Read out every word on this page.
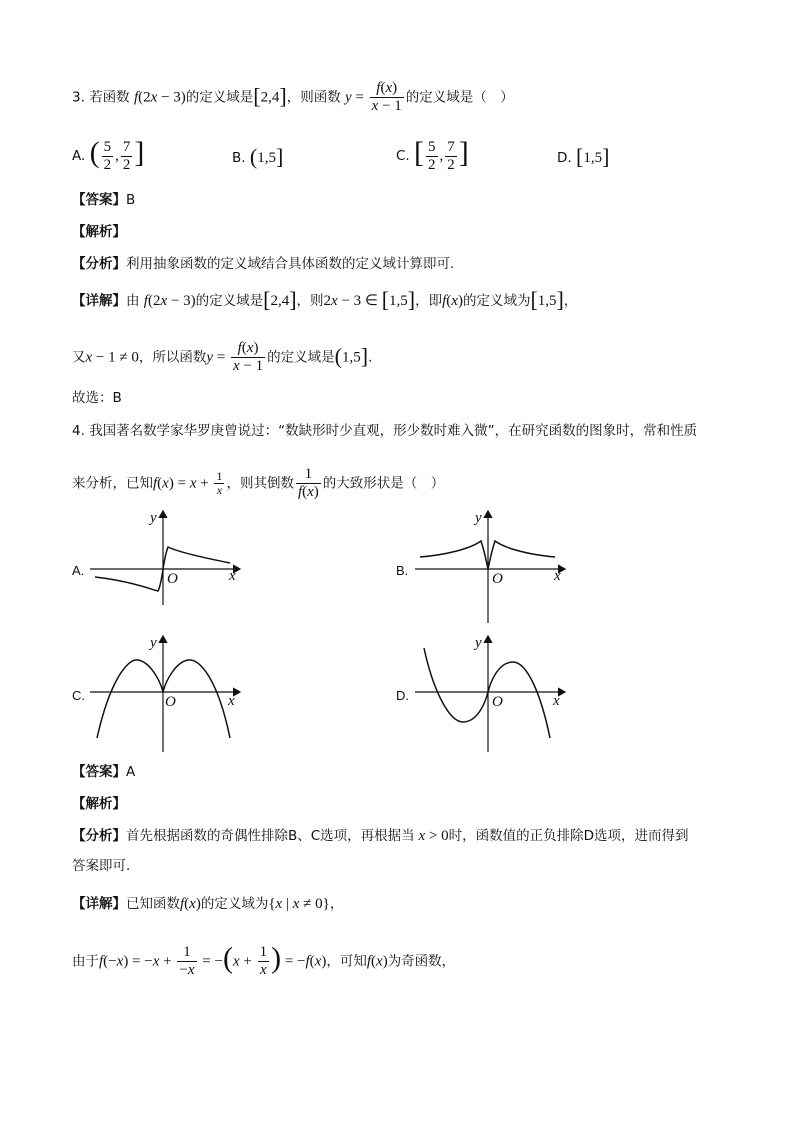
3. 若函数 f(2x − 3)的定义域是[2,4]，则函数 $y = \frac{f(x)}{x - 1}$ 的定义域是（　）
A. ( $\frac{5}{2}$ , $\frac{7}{2}$ ]	B. (1,5]	C. [ $\frac{5}{2}$ , $\frac{7}{2}$ ]	D. [1,5]
【答案】B
【解析】
【分析】利用抽象函数的定义域结合具体函数的定义域计算即可.
【详解】由 f(2x − 3)的定义域是[2,4]，则2x − 3 ∈ [1,5]，即f(x)的定义域为[1,5]，
又x − 1 ≠ 0，所以函数$y = \frac{f(x)}{x - 1}$ 的定义域是(1,5].
故选：B
4. 我国著名数学家华罗庚曾说过：“数缺形时少直观，形少数时难入微”，在研究函数的图象时，常和性质
来分析，已知$f(x) = x + \frac{1}{x}$ ，则其倒数 $\frac{1}{f(x)}$ 的大致形状是（　）
A.	B.
C.	D.
x
y
O	x
y
O
x
y
O	x
y
O
【答案】A
【解析】
【分析】首先根据函数的奇偶性排除B、C选项，再根据当 x > 0时，函数值的正负排除D选项，进而得到
答案即可.
【详解】已知函数f(x)的定义域为{x | x ≠ 0}，
由于$f(-x) = -x + \frac{1}{-x} = -(x + \frac{1}{x}$ ) = −f(x)，可知f(x)为奇函数，
